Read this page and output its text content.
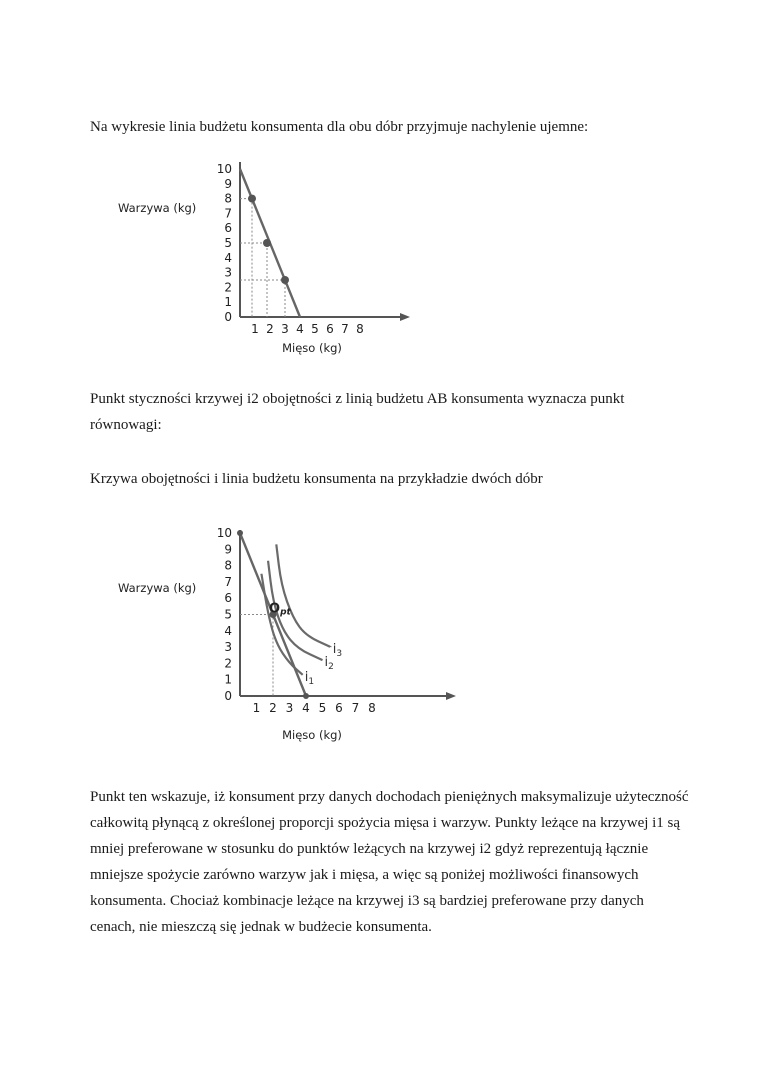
Na wykresie linia budżetu konsumenta dla obu dóbr przyjmuje nachylenie ujemne:

0
1
2
3
4
5
6
7
8
9
10
1 2 3 4 5 6 7 8
Warzywa (kg)
Mięso (kg)

Punkt styczności krzywej i2 obojętności z linią budżetu AB konsumenta wyznacza punkt równowagi:

Krzywa obojętności i linia budżetu konsumenta na przykładzie dwóch dóbr

0
1
2
3
4
5
6
7
8
9
10
1 2 3 4 5 6 7 8
Opt
$i_1$
$i_2$
$i_3$
Warzywa (kg)
Mięso (kg)

Punkt ten wskazuje, iż konsument przy danych dochodach pieniężnych maksymalizuje użyteczność całkowitą płynącą z określonej proporcji spożycia mięsa i warzyw. Punkty leżące na krzywej i1 są mniej preferowane w stosunku do punktów leżących na krzywej i2 gdyż reprezentują łącznie mniejsze spożycie zarówno warzyw jak i mięsa, a więc są poniżej możliwości finansowych konsumenta. Chociaż kombinacje leżące na krzywej i3 są bardziej preferowane przy danych cenach, nie mieszczą się jednak w budżecie konsumenta.
